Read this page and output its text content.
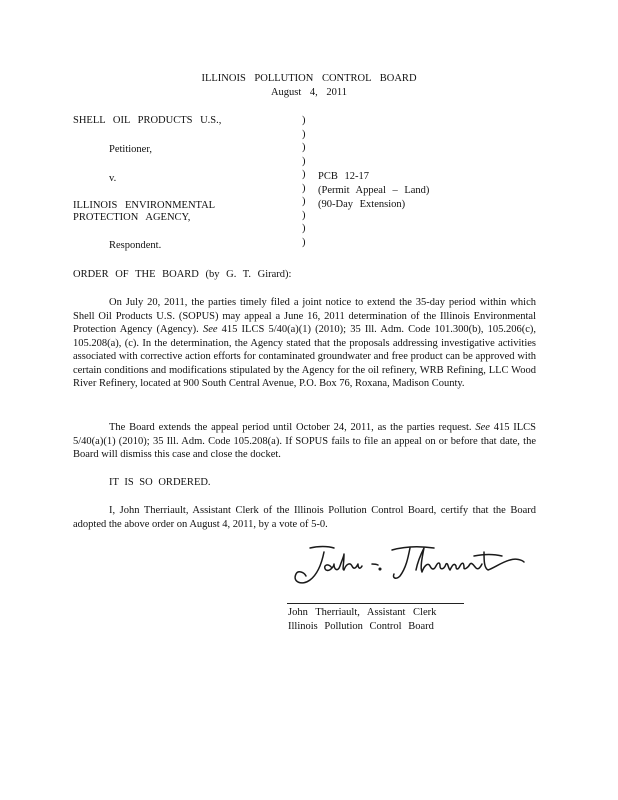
ILLINOIS POLLUTION CONTROL BOARD
August 4, 2011
SHELL OIL PRODUCTS U.S.,
Petitioner,
v.
ILLINOIS ENVIRONMENTAL
PROTECTION AGENCY,
Respondent.
)
)
)
)
)
)
)
)
)
)
PCB 12-17
(Permit Appeal – Land)
(90-Day Extension)
ORDER OF THE BOARD (by G. T. Girard):
On July 20, 2011, the parties timely filed a joint notice to extend the 35-day period within which Shell Oil Products U.S. (SOPUS) may appeal a June 16, 2011 determination of the Illinois Environmental Protection Agency (Agency). See 415 ILCS 5/40(a)(1) (2010); 35 Ill. Adm. Code 101.300(b), 105.206(c), 105.208(a), (c). In the determination, the Agency stated that the proposals addressing investigative activities associated with corrective action efforts for contaminated groundwater and free product can be approved with certain conditions and modifications stipulated by the Agency for the oil refinery, WRB Refining, LLC Wood River Refinery, located at 900 South Central Avenue, P.O. Box 76, Roxana, Madison County.
The Board extends the appeal period until October 24, 2011, as the parties request. See 415 ILCS 5/40(a)(1) (2010); 35 Ill. Adm. Code 105.208(a). If SOPUS fails to file an appeal on or before that date, the Board will dismiss this case and close the docket.
IT IS SO ORDERED.
I, John Therriault, Assistant Clerk of the Illinois Pollution Control Board, certify that the Board adopted the above order on August 4, 2011, by a vote of 5-0.
John Therriault, Assistant Clerk
Illinois Pollution Control Board
